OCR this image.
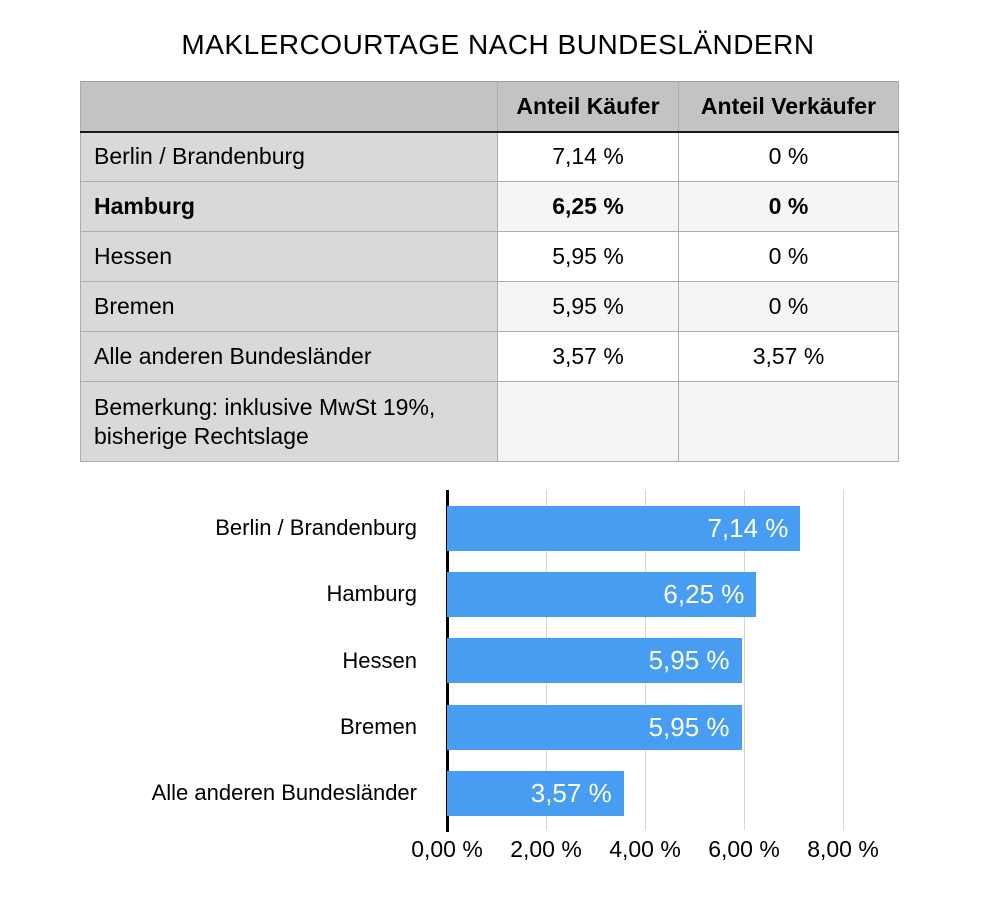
MAKLERCOURTAGE NACH BUNDESLÄNDERN
	Anteil Käufer	Anteil Verkäufer
Berlin / Brandenburg	7,14 %	0 %
Hamburg	6,25 %	0 %
Hessen	5,95 %	0 %
Bremen	5,95 %	0 %
Alle anderen Bundesländer	3,57 %	3,57 %
Bemerkung: inklusive MwSt 19%, bisherige Rechtslage		
Berlin / Brandenburg	7,14 %
Hamburg	6,25 %
Hessen	5,95 %
Bremen	5,95 %
Alle anderen Bundesländer	3,57 %
0,00 % 2,00 % 4,00 % 6,00 % 8,00 %
